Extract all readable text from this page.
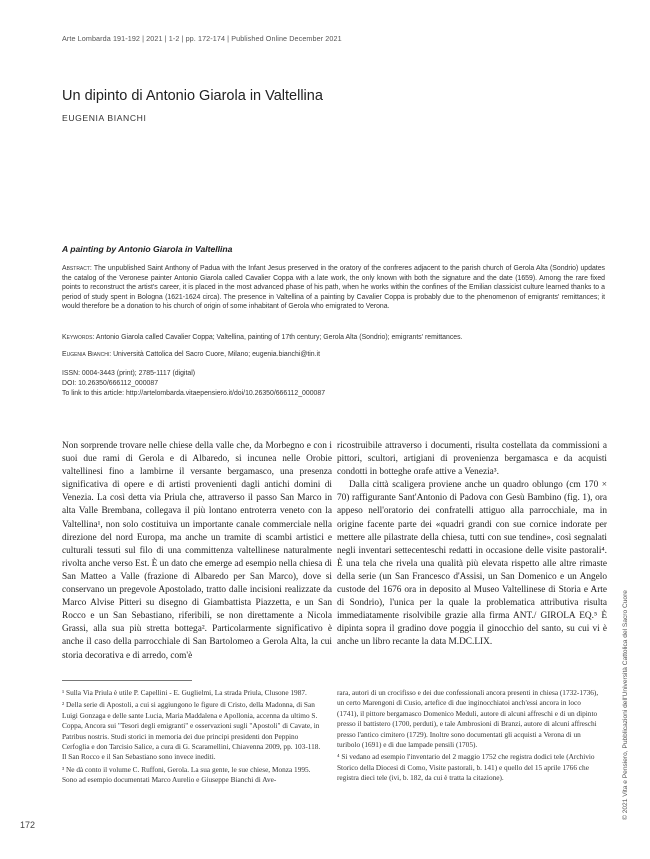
Arte Lombarda 191-192 | 2021 | 1-2 | pp. 172-174 | Published Online December 2021
Un dipinto di Antonio Giarola in Valtellina
EUGENIA BIANCHI
A painting by Antonio Giarola in Valtellina

Abstract: The unpublished Saint Anthony of Padua with the Infant Jesus preserved in the oratory of the confreres adjacent to the parish church of Gerola Alta (Sondrio) updates the catalog of the Veronese painter Antonio Giarola called Cavalier Coppa with a late work, the only known with both the signature and the date (1659). Among the rare fixed points to reconstruct the artist's career, it is placed in the most advanced phase of his path, when he works within the confines of the Emilian classicist culture learned thanks to a period of study spent in Bologna (1621-1624 circa). The presence in Valtellina of a painting by Cavalier Coppa is probably due to the phenomenon of emigrants' remittances; it would therefore be a donation to his church of origin of some inhabitant of Gerola who emigrated to Verona.

Keywords: Antonio Giarola called Cavalier Coppa; Valtellina, painting of 17th century; Gerola Alta (Sondrio); emigrants' remittances.
Eugenia Bianchi: Università Cattolica del Sacro Cuore, Milano; eugenia.bianchi@tin.it
ISSN: 0004-3443 (print); 2785-1117 (digital)
DOI: 10.26350/666112_000087
To link to this article: http://artelombarda.vitaepensiero.it/doi/10.26350/666112_000087

Non sorprende trovare nelle chiese della valle che, da Morbegno e con i suoi due rami di Gerola e di Albaredo, si incunea nelle Orobie valtellinesi fino a lambirne il versante bergamasco, una presenza significativa di opere e di artisti provenienti dagli antichi domini di Venezia. La così detta via Priula che, attraverso il passo San Marco in alta Valle Brembana, collegava il più lontano entroterra veneto con la Valtellina¹, non solo costituiva un importante canale commerciale nella direzione del nord Europa, ma anche un tramite di scambi artistici e culturali tessuti sul filo di una committenza valtellinese naturalmente rivolta anche verso Est. È un dato che emerge ad esempio nella chiesa di San Matteo a Valle (frazione di Albaredo per San Marco), dove si conservano un pregevole Apostolado, tratto dalle incisioni realizzate da Marco Alvise Pitteri su disegno di Giambattista Piazzetta, e un San Rocco e un San Sebastiano, riferibili, se non direttamente a Nicola Grassi, alla sua più stretta bottega². Particolarmente significativo è anche il caso della parrocchiale di San Bartolomeo a Gerola Alta, la cui storia decorativa e di arredo, com'è

ricostruibile attraverso i documenti, risulta costellata da commissioni a pittori, scultori, artigiani di provenienza bergamasca e da acquisti condotti in botteghe orafe attive a Venezia³.

Dalla città scaligera proviene anche un quadro oblungo (cm 170 × 70) raffigurante Sant'Antonio di Padova con Gesù Bambino (fig. 1), ora appeso nell'oratorio dei confratelli attiguo alla parrocchiale, ma in origine facente parte dei «quadri grandi con sue cornice indorate per mettere alle pilastrate della chiesa, tutti con sue tendine», così segnalati negli inventari settecenteschi redatti in occasione delle visite pastorali⁴. È una tela che rivela una qualità più elevata rispetto alle altre rimaste della serie (un San Francesco d'Assisi, un San Domenico e un Angelo custode del 1676 ora in deposito al Museo Valtellinese di Storia e Arte di Sondrio), l'unica per la quale la problematica attributiva risulta immediatamente risolvibile grazie alla firma ANT./ GIROLA EQ.⁵ È dipinta sopra il gradino dove poggia il ginocchio del santo, su cui vi è anche un libro recante la data M.DC.LIX.

¹ Sulla Via Priula è utile P. Capellini - E. Guglielmi, La strada Priula, Clusone 1987.

² Della serie di Apostoli, a cui si aggiungono le figure di Cristo, della Madonna, di San Luigi Gonzaga e delle sante Lucia, Maria Maddalena e Apollonia, accenna da ultimo S. Coppa, Ancora sui "Tesori degli emigranti" e osservazioni sugli "Apostoli" di Cavate, in Patribus nostris. Studi storici in memoria dei due principi presidenti don Peppino Cerfoglia e don Tarcisio Salice, a cura di G. Scaramellini, Chiavenna 2009, pp. 103-118. Il San Rocco e il San Sebastiano sono invece inediti.

³ Ne dà conto il volume C. Ruffoni, Gerola. La sua gente, le sue chiese, Monza 1995. Sono ad esempio documentati Marco Aurelio e Giuseppe Bianchi di Ave-

rara, autori di un crocifisso e dei due confessionali ancora presenti in chiesa (1732-1736), un certo Marengoni di Cusio, artefice di due inginocchiatoi anch'essi ancora in loco (1741), il pittore bergamasco Domenico Meduli, autore di alcuni affreschi e di un dipinto presso il battistero (1700, perduti), e tale Ambrosioni di Branzi, autore di alcuni affreschi presso l'antico cimitero (1729). Inoltre sono documentati gli acquisti a Verona di un turibolo (1691) e di due lampade pensili (1705).

⁴ Si vedano ad esempio l'inventario del 2 maggio 1752 che registra dodici tele (Archivio Storico della Diocesi di Como, Visite pastorali, b. 141) e quello del 15 aprile 1766 che registra dieci tele (ivi, b. 182, da cui è tratta la citazione).

172
© 2021 Vita e Pensiero, Pubblicazioni dell'Università Cattolica del Sacro Cuore
